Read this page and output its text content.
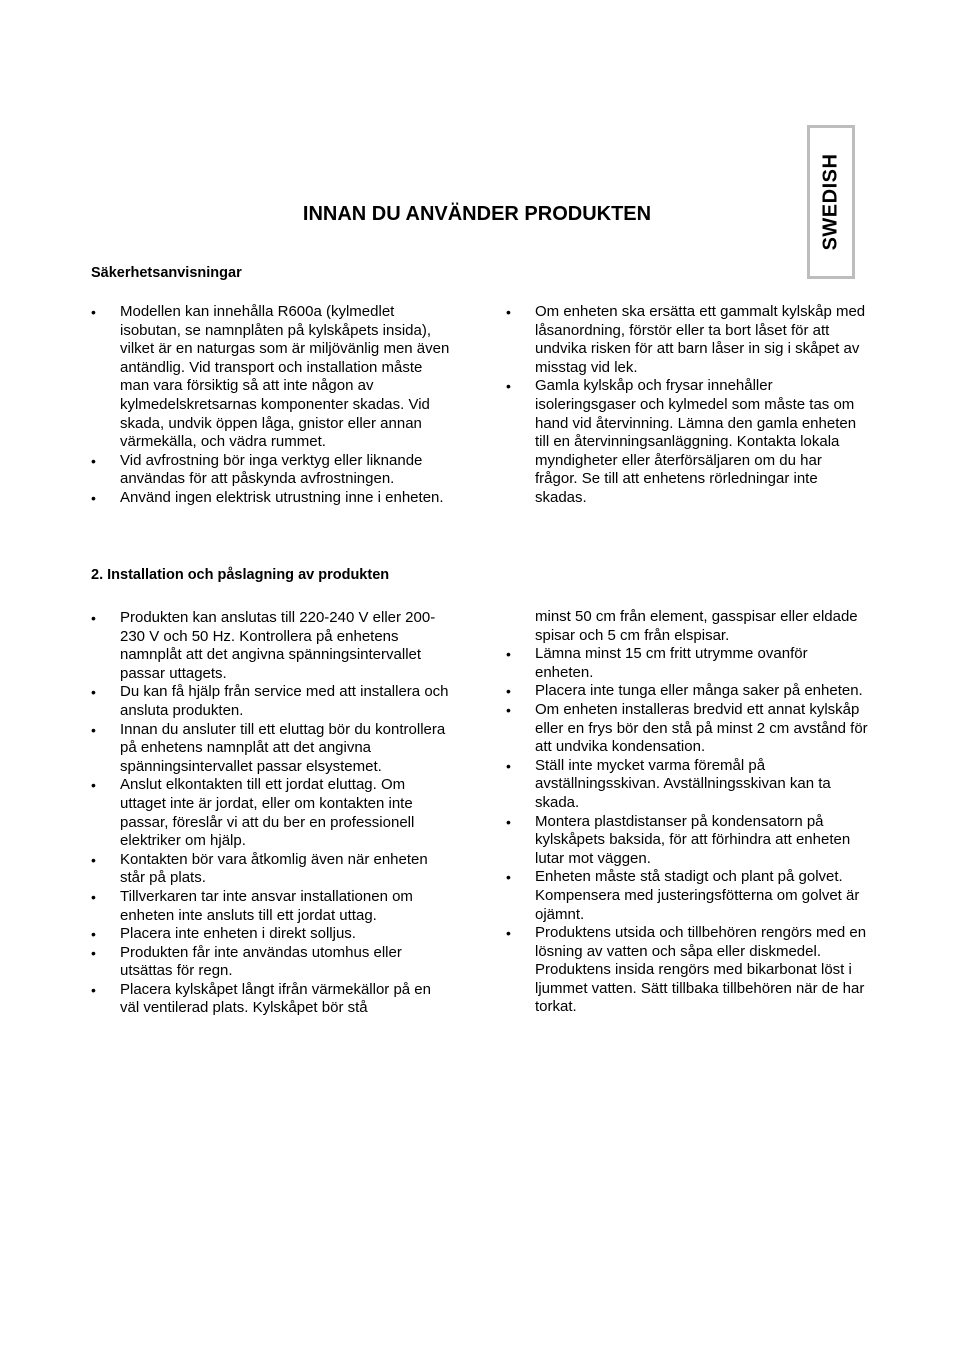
SWEDISH
INNAN DU ANVÄNDER PRODUKTEN
Säkerhetsanvisningar
• Modellen kan innehålla R600a (kylmedlet isobutan, se namnplåten på kylskåpets insida), vilket är en naturgas som är miljövänlig men även antändlig. Vid transport och installation måste man vara försiktig så att inte någon av kylmedelskretsarnas komponenter skadas. Vid skada, undvik öppen låga, gnistor eller annan värmekälla, och vädra rummet.
• Vid avfrostning bör inga verktyg eller liknande användas för att påskynda avfrostningen.
• Använd ingen elektrisk utrustning inne i enheten.
• Om enheten ska ersätta ett gammalt kylskåp med låsanordning, förstör eller ta bort låset för att undvika risken för att barn låser in sig i skåpet av misstag vid lek.
• Gamla kylskåp och frysar innehåller isoleringsgaser och kylmedel som måste tas om hand vid återvinning. Lämna den gamla enheten till en återvinningsanläggning. Kontakta lokala myndigheter eller återförsäljaren om du har frågor. Se till att enhetens rörledningar inte skadas.
2. Installation och påslagning av produkten
• Produkten kan anslutas till 220-240 V eller 200-230 V och 50 Hz. Kontrollera på enhetens namnplåt att det angivna spänningsintervallet passar uttagets.
• Du kan få hjälp från service med att installera och ansluta produkten.
• Innan du ansluter till ett eluttag bör du kontrollera på enhetens namnplåt att det angivna spänningsintervallet passar elsystemet.
• Anslut elkontakten till ett jordat eluttag. Om uttaget inte är jordat, eller om kontakten inte passar, föreslår vi att du ber en professionell elektriker om hjälp.
• Kontakten bör vara åtkomlig även när enheten står på plats.
• Tillverkaren tar inte ansvar installationen om enheten inte ansluts till ett jordat uttag.
• Placera inte enheten i direkt solljus.
• Produkten får inte användas utomhus eller utsättas för regn.
• Placera kylskåpet långt ifrån värmekällor på en väl ventilerad plats. Kylskåpet bör stå
minst 50 cm från element, gasspisar eller eldade spisar och 5 cm från elspisar.
• Lämna minst 15 cm fritt utrymme ovanför enheten.
• Placera inte tunga eller många saker på enheten.
• Om enheten installeras bredvid ett annat kylskåp eller en frys bör den stå på minst 2 cm avstånd för att undvika kondensation.
• Ställ inte mycket varma föremål på avställningsskivan. Avställningsskivan kan ta skada.
• Montera plastdistanser på kondensatorn på kylskåpets baksida, för att förhindra att enheten lutar mot väggen.
• Enheten måste stå stadigt och plant på golvet. Kompensera med justeringsfötterna om golvet är ojämnt.
• Produktens utsida och tillbehören rengörs med en lösning av vatten och såpa eller diskmedel. Produktens insida rengörs med bikarbonat löst i ljummet vatten. Sätt tillbaka tillbehören när de har torkat.
